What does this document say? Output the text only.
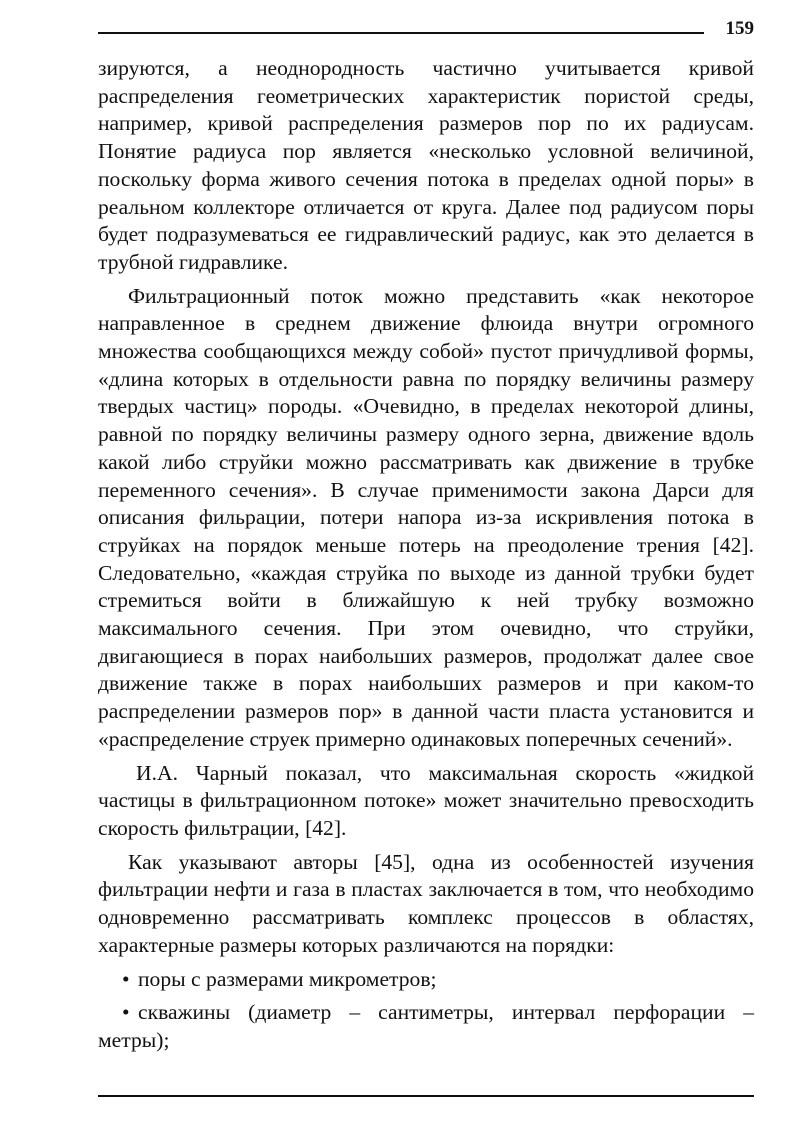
159

зируются, а неоднородность частично учитывается кривой распределения геометрических характеристик пористой среды, например, кривой распределения размеров пор по их радиусам. Понятие радиуса пор является «несколько условной величиной, поскольку форма живого сечения потока в пределах одной поры» в реальном коллекторе отличается от круга. Далее под радиусом поры будет подразумеваться ее гидравлический радиус, как это делается в трубной гидравлике.

Фильтрационный поток можно представить «как некоторое направленное в среднем движение флюида внутри огромного множества сообщающихся между собой» пустот причудливой формы, «длина которых в отдельности равна по порядку величины размеру твердых частиц» породы. «Очевидно, в пределах некоторой длины, равной по порядку величины размеру одного зерна, движение вдоль какой либо струйки можно рассматривать как движение в трубке переменного сечения». В случае применимости закона Дарси для описания фильрации, потери напора из-за искривления потока в струйках на порядок меньше потерь на преодоление трения [42]. Следовательно, «каждая струйка по выходе из данной трубки будет стремиться войти в ближайшую к ней трубку возможно максимального сечения. При этом очевидно, что струйки, двигающиеся в порах наибольших размеров, продолжат далее свое движение также в порах наибольших размеров и при каком-то распределении размеров пор» в данной части пласта установится и «распределение струек примерно одинаковых поперечных сечений».

И.А. Чарный показал, что максимальная скорость «жидкой частицы в фильтрационном потоке» может значительно превосходить скорость фильтрации, [42].

Как указывают авторы [45], одна из особенностей изучения фильтрации нефти и газа в пластах заключается в том, что необходимо одновременно рассматривать комплекс процессов в областях, характерные размеры которых различаются на порядки:

• поры с размерами микрометров;
• скважины (диаметр – сантиметры, интервал перфорации – метры);
